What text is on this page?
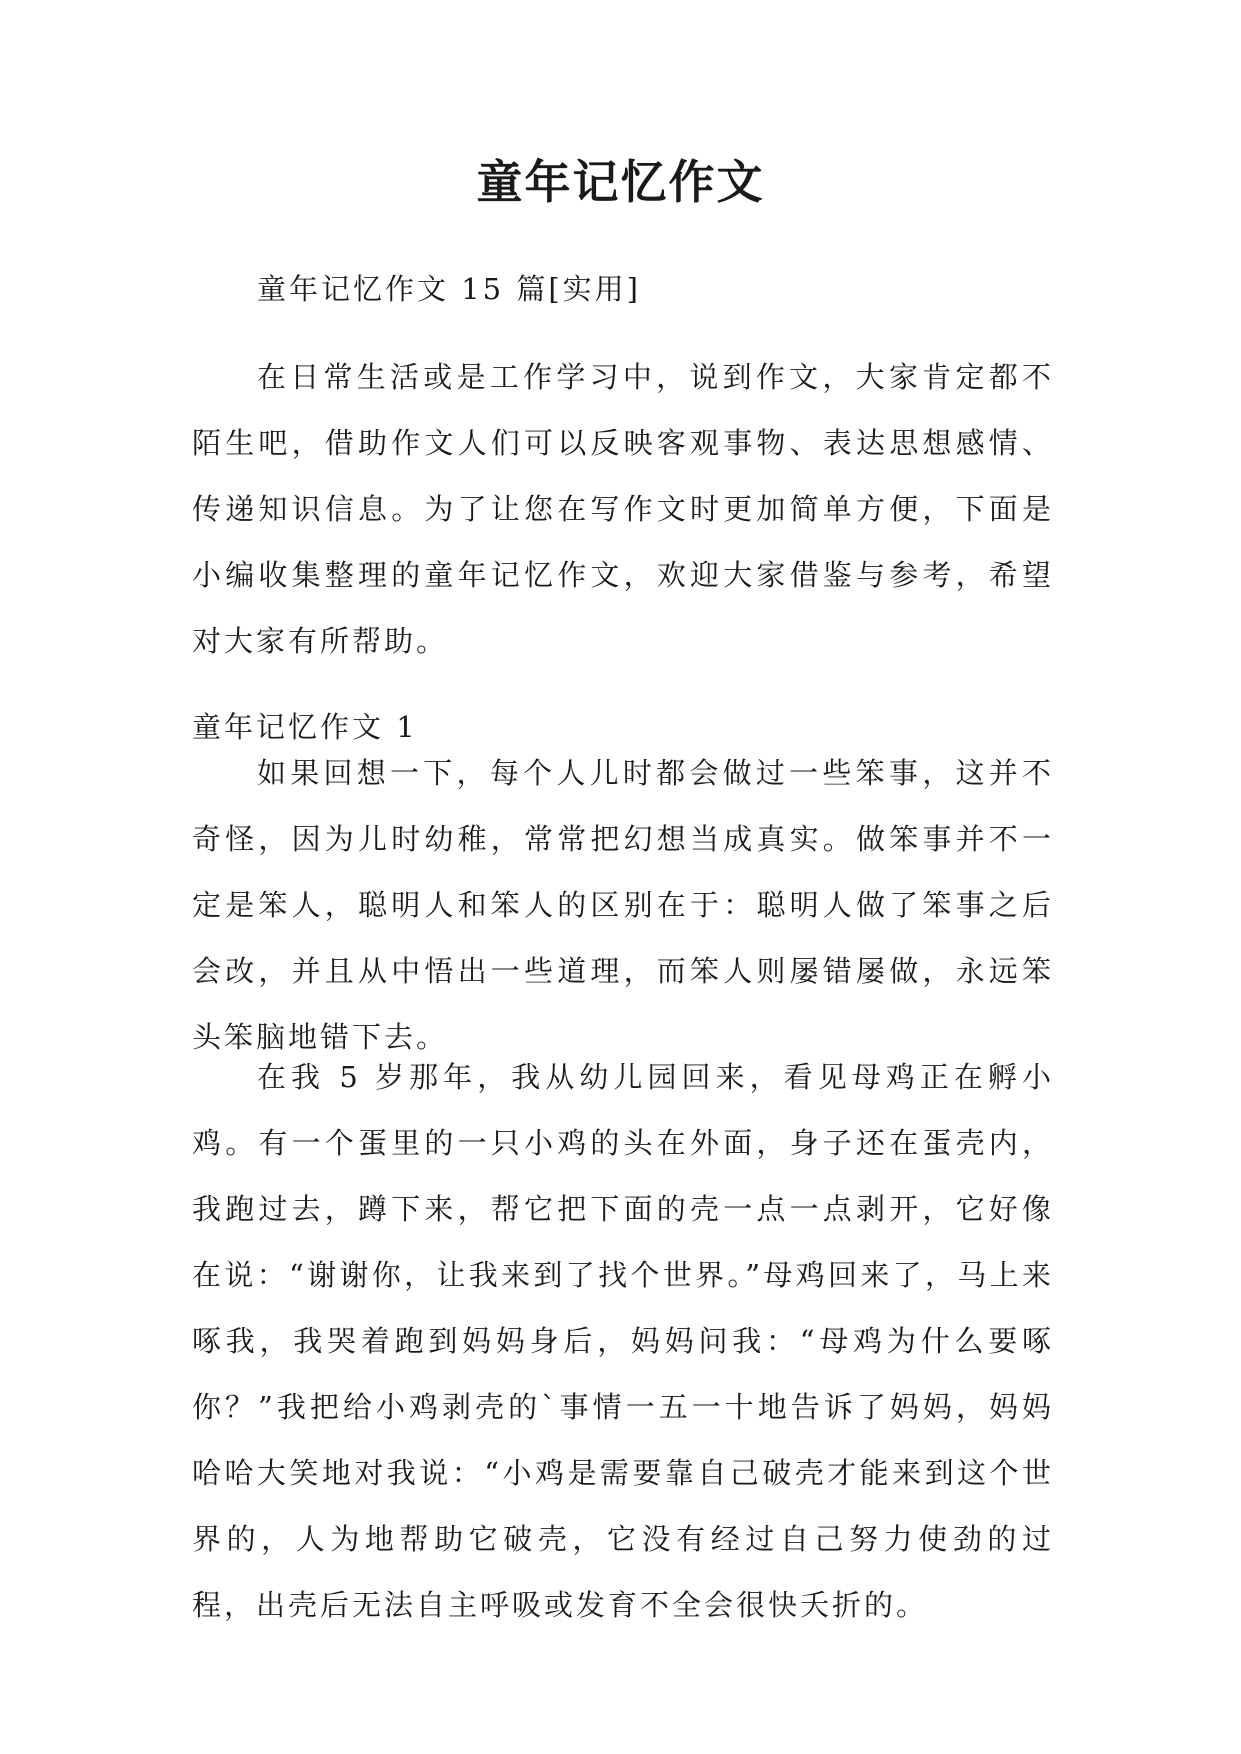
童年记忆作文

童年记忆作文 15 篇[实用]

在日常生活或是工作学习中，说到作文，大家肯定都不陌生吧，借助作文人们可以反映客观事物、表达思想感情、传递知识信息。为了让您在写作文时更加简单方便，下面是小编收集整理的童年记忆作文，欢迎大家借鉴与参考，希望对大家有所帮助。

童年记忆作文 1

如果回想一下，每个人儿时都会做过一些笨事，这并不奇怪，因为儿时幼稚，常常把幻想当成真实。做笨事并不一定是笨人，聪明人和笨人的区别在于：聪明人做了笨事之后会改，并且从中悟出一些道理，而笨人则屡错屡做，永远笨头笨脑地错下去。

在我 5 岁那年，我从幼儿园回来，看见母鸡正在孵小鸡。有一个蛋里的一只小鸡的头在外面，身子还在蛋壳内，我跑过去，蹲下来，帮它把下面的壳一点一点剥开，它好像在说：“谢谢你，让我来到了找个世界。”母鸡回来了，马上来啄我，我哭着跑到妈妈身后，妈妈问我：“母鸡为什么要啄你？”我把给小鸡剥壳的`事情一五一十地告诉了妈妈，妈妈哈哈大笑地对我说：“小鸡是需要靠自己破壳才能来到这个世界的，人为地帮助它破壳，它没有经过自己努力使劲的过程，出壳后无法自主呼吸或发育不全会很快夭折的。
